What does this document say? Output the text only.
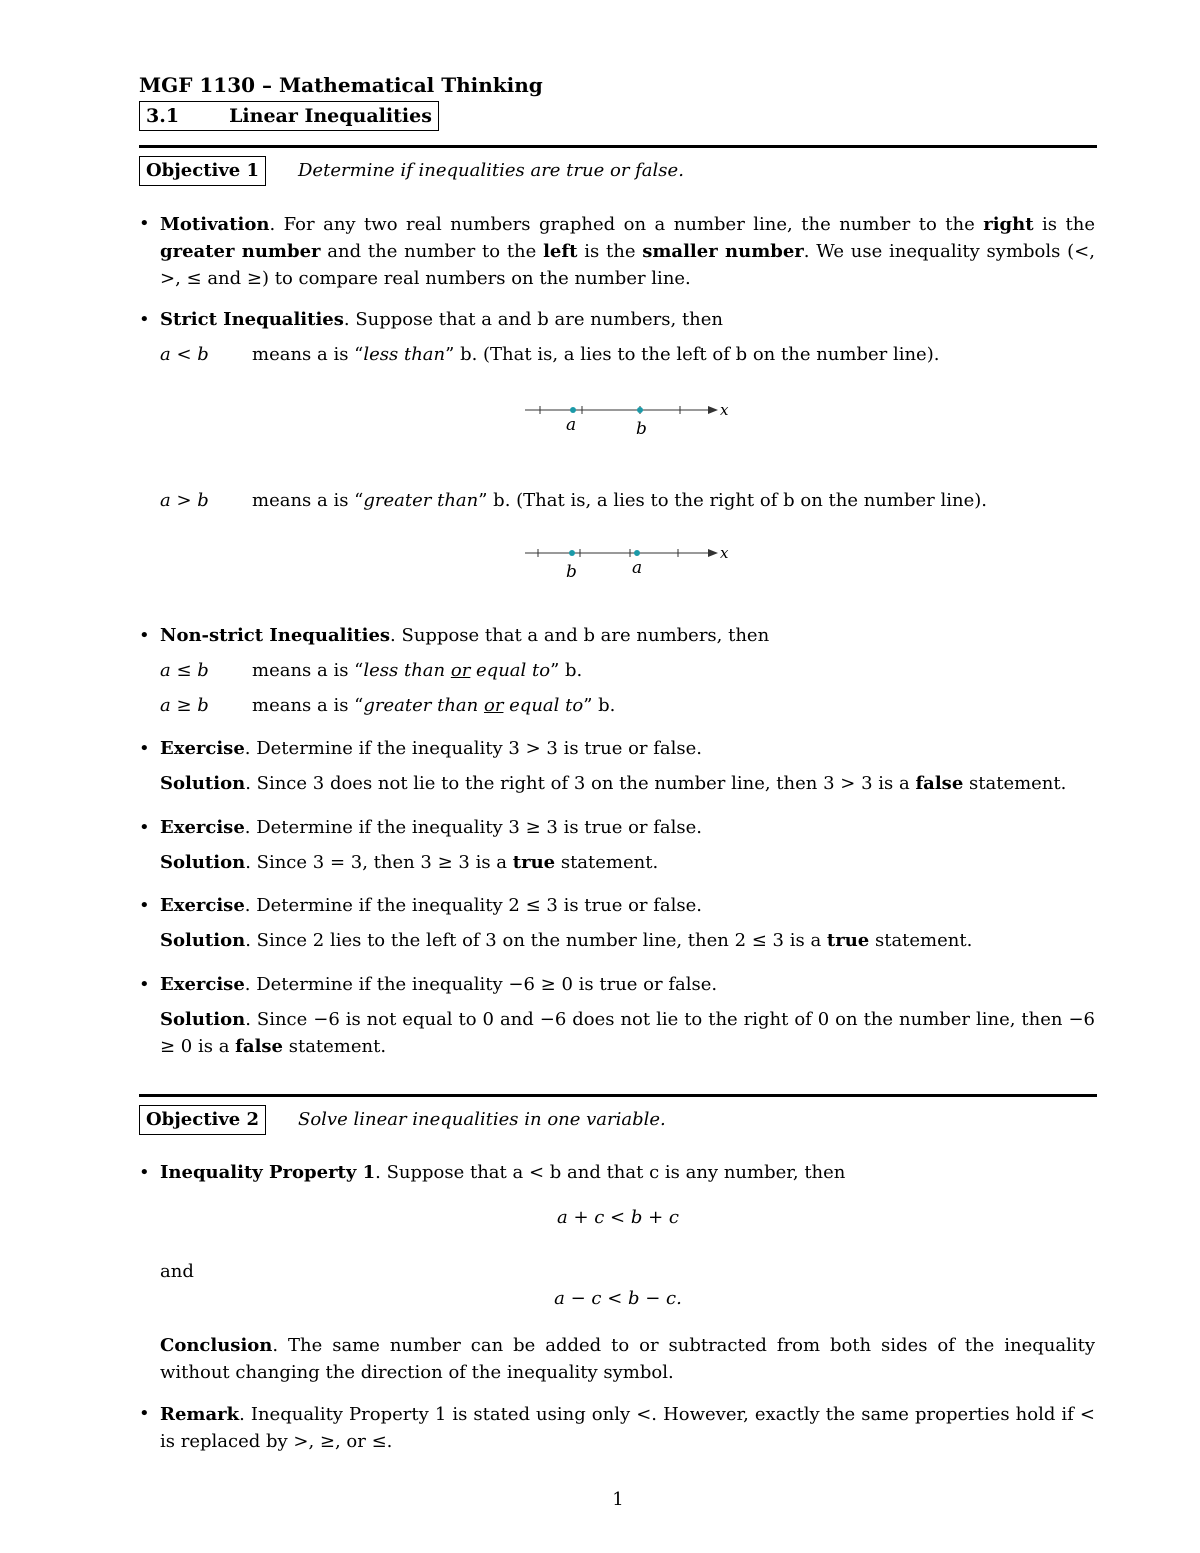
MGF 1130 – Mathematical Thinking
3.1	Linear Inequalities
Objective 1	Determine if inequalities are true or false.
• Motivation. For any two real numbers graphed on a number line, the number to the right is the greater number and the number to the left is the smaller number. We use inequality symbols (<, >, ≤ and ≥) to compare real numbers on the number line.
• Strict Inequalities. Suppose that a and b are numbers, then
a < b means a is “less than” b. (That is, a lies to the left of b on the number line).
a	b
x
a > b means a is “greater than” b. (That is, a lies to the right of b on the number line).
b	a
x
• Non-strict Inequalities. Suppose that a and b are numbers, then
a ≤ b means a is “less than or equal to” b.
a ≥ b means a is “greater than or equal to” b.
• Exercise. Determine if the inequality 3 > 3 is true or false.
Solution. Since 3 does not lie to the right of 3 on the number line, then 3 > 3 is a false statement.
• Exercise. Determine if the inequality 3 ≥ 3 is true or false.
Solution. Since 3 = 3, then 3 ≥ 3 is a true statement.
• Exercise. Determine if the inequality 2 ≤ 3 is true or false.
Solution. Since 2 lies to the left of 3 on the number line, then 2 ≤ 3 is a true statement.
• Exercise. Determine if the inequality −6 ≥ 0 is true or false.
Solution. Since −6 is not equal to 0 and −6 does not lie to the right of 0 on the number line, then −6 ≥ 0 is a false statement.
Objective 2	Solve linear inequalities in one variable.
• Inequality Property 1. Suppose that a < b and that c is any number, then
a + c < b + c
and
a − c < b − c.
Conclusion. The same number can be added to or subtracted from both sides of the inequality without changing the direction of the inequality symbol.
• Remark. Inequality Property 1 is stated using only <. However, exactly the same properties hold if < is replaced by >, ≥, or ≤.
1
